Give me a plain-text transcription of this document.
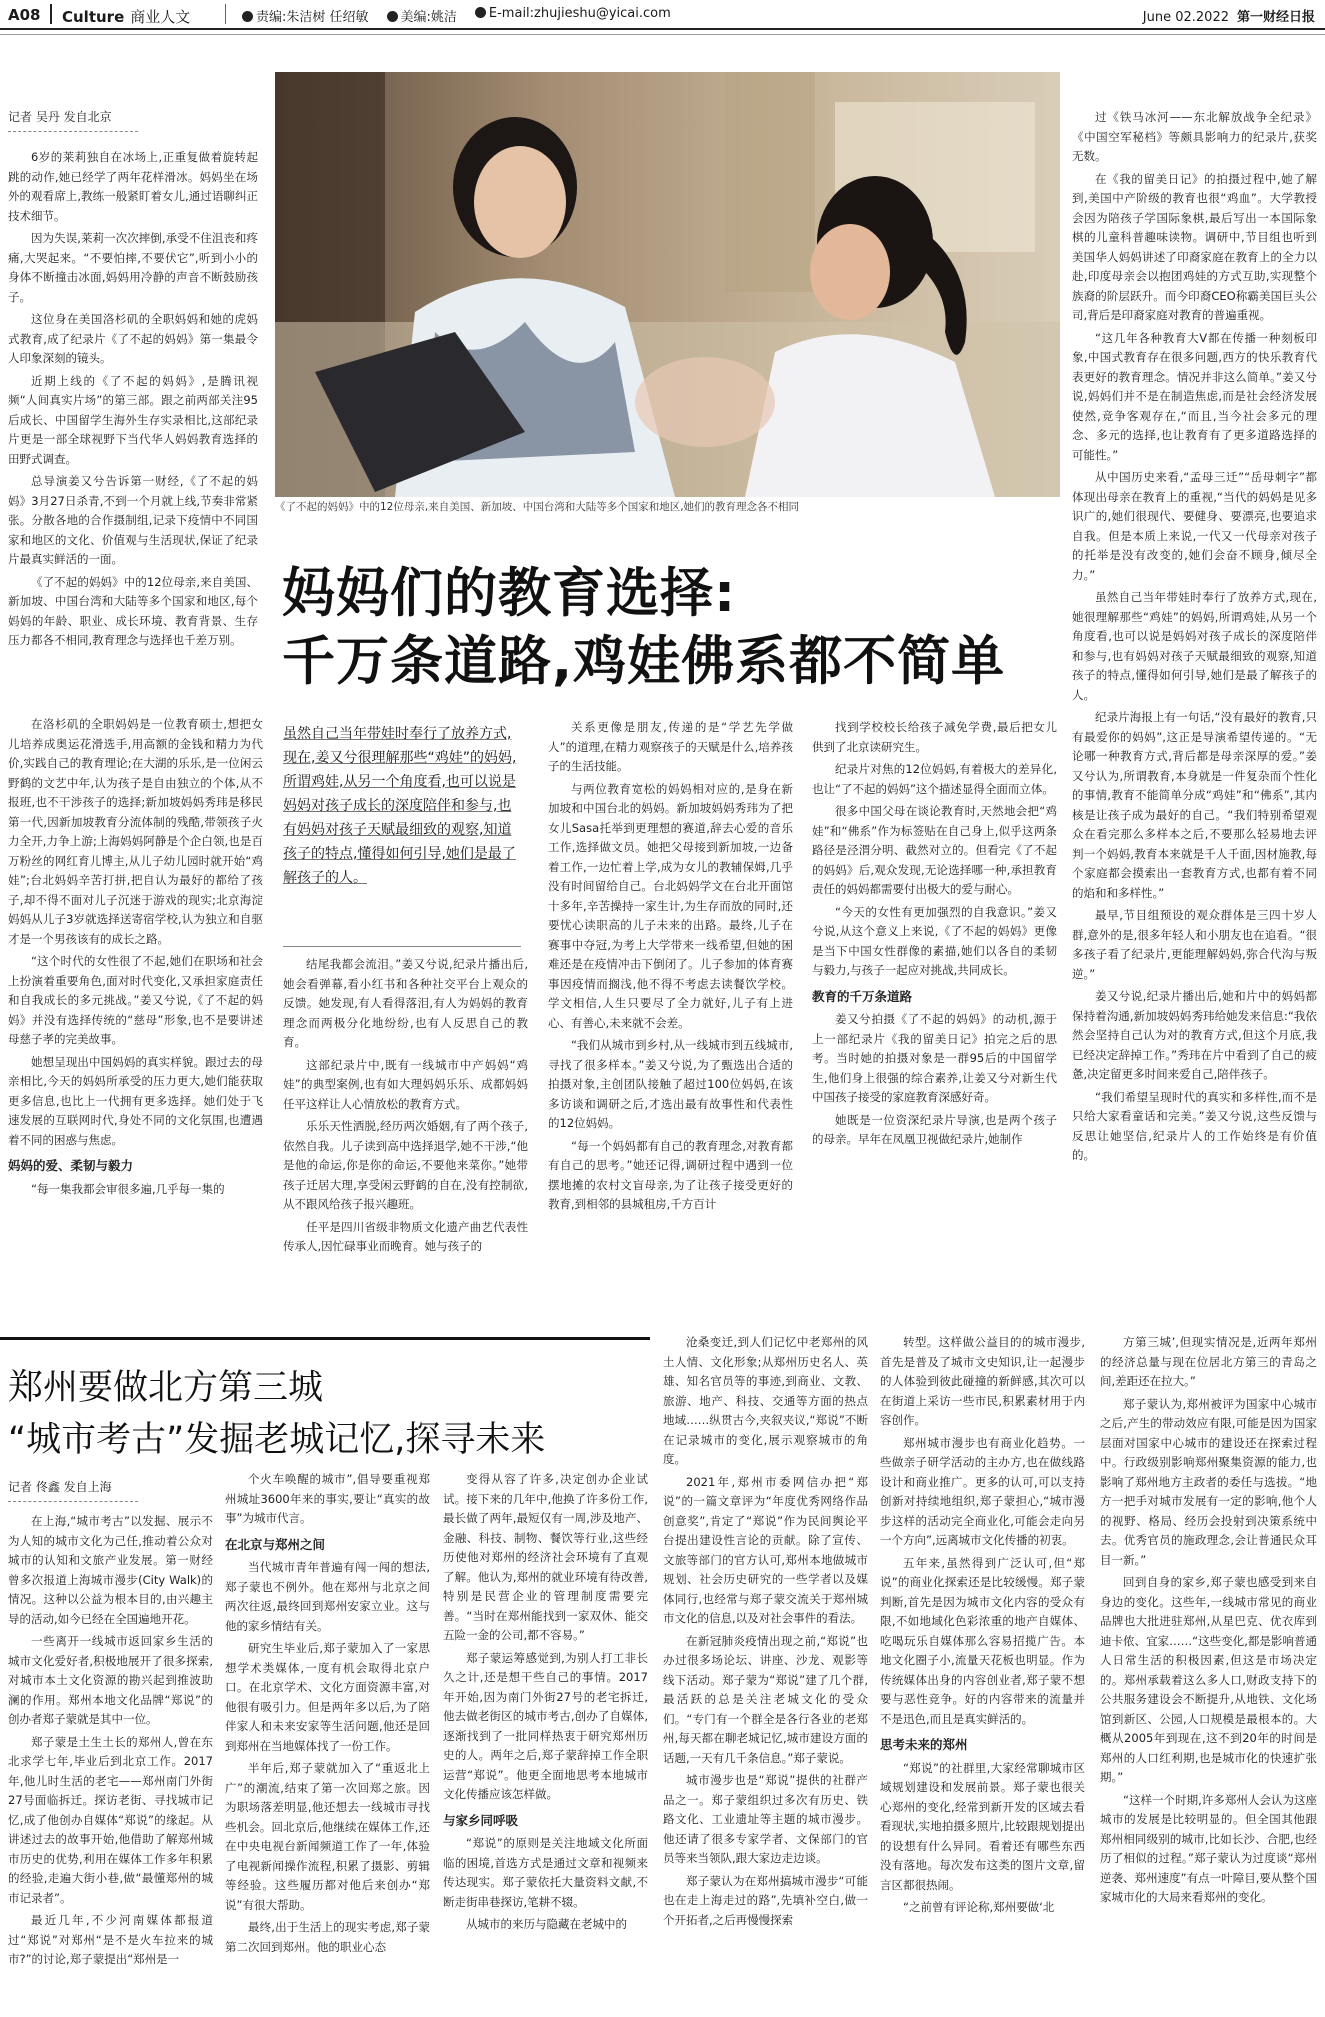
A08 Culture 商业人文	责编:朱洁树 任绍敏	美编:姚洁	E-mail:zhujieshu@yicai.com	June 02.2022 第一财经日报
记者 吴丹 发自北京

6岁的莱莉独自在冰场上,正重复做着旋转起跳的动作,她已经学了两年花样滑冰。妈妈坐在场外的观看席上,教练一般紧盯着女儿,通过语聊纠正技术细节。

因为失误,莱莉一次次摔倒,承受不住沮丧和疼痛,大哭起来。“不要怕摔,不要伏它”,听到小小的身体不断撞击冰面,妈妈用冷静的声音不断鼓励孩子。

这位身在美国洛杉矶的全职妈妈和她的虎妈式教育,成了纪录片《了不起的妈妈》第一集最令人印象深刻的镜头。

近期上线的《了不起的妈妈》,是腾讯视频“人间真实片场”的第三部。跟之前两部关注95后成长、中国留学生海外生存实录相比,这部纪录片更是一部全球视野下当代华人妈妈教育选择的田野式调查。

总导演姜又兮告诉第一财经,《了不起的妈妈》3月27日杀青,不到一个月就上线,节奏非常紧张。分散各地的合作摄制组,记录下疫情中不同国家和地区的文化、价值观与生活现状,保证了纪录片最真实鲜活的一面。

《了不起的妈妈》中的12位母亲,来自美国、新加坡、中国台湾和大陆等多个国家和地区,每个妈妈的年龄、职业、成长环境、教育背景、生存压力都各不相同,教育理念与选择也千差万别。

《了不起的妈妈》中的12位母亲,来自美国、新加坡、中国台湾和大陆等多个国家和地区,她们的教育理念各不相同
妈妈们的教育选择:
千万条道路,鸡娃佛系都不简单
虽然自己当年带娃时奉行了放养方式,现在,姜又兮很理解那些“鸡娃”的妈妈,所谓鸡娃,从另一个角度看,也可以说是妈妈对孩子成长的深度陪伴和参与,也有妈妈对孩子天赋最细致的观察,知道孩子的特点,懂得如何引导,她们是最了解孩子的人。

在洛杉矶的全职妈妈是一位教育硕士,想把女儿培养成奥运花滑选手,用高额的金钱和精力为代价,实践自己的教育理论;在大湖的乐乐,是一位闲云野鹤的文艺中年,认为孩子是自由独立的个体,从不报班,也不干涉孩子的选择;新加坡妈妈秀玮是移民第一代,因新加坡教育分流体制的残酷,带领孩子火力全开,力争上游;上海妈妈阿静是个企白领,也是百万粉丝的网红育儿博主,从儿子幼儿园时就开始“鸡娃”;台北妈妈辛苦打拼,把自认为最好的都给了孩子,却不得不面对儿子沉迷于游戏的现实;北京海淀妈妈从儿子3岁就选择送寄宿学校,认为独立和自驱才是一个男孩该有的成长之路。

“这个时代的女性很了不起,她们在职场和社会上扮演着重要角色,面对时代变化,又承担家庭责任和自我成长的多元挑战。”姜又兮说,《了不起的妈妈》并没有选择传统的“慈母”形象,也不是要讲述母慈子孝的完美故事。

她想呈现出中国妈妈的真实样貌。跟过去的母亲相比,今天的妈妈所承受的压力更大,她们能获取更多信息,也比上一代拥有更多选择。她们处于飞速发展的互联网时代,身处不同的文化氛围,也遭遇着不同的困惑与焦虑。

妈妈的爱、柔韧与毅力

“每一集我都会审很多遍,几乎每一集的

结尾我都会流泪。”姜又兮说,纪录片播出后,她会看弹幕,看小红书和各种社交平台上观众的反馈。她发现,有人看得落泪,有人为妈妈的教育理念而两极分化地纷纷,也有人反思自己的教育。

这部纪录片中,既有一线城市中产妈妈“鸡娃”的典型案例,也有如大理妈妈乐乐、成都妈妈任平这样让人心情放松的教育方式。

乐乐天性洒脱,经历两次婚姻,有了两个孩子,依然自我。儿子读到高中选择退学,她不干涉,“他是他的命运,你是你的命运,不要他来菜你。”她带孩子迁居大理,享受闲云野鹤的自在,没有控制欲,从不跟风给孩子报兴趣班。

任平是四川省级非物质文化遗产曲艺代表性传承人,因忙碌事业而晚育。她与孩子的

关系更像是朋友,传递的是“学艺先学做人”的道理,在精力观察孩子的天赋是什么,培养孩子的生活技能。

与两位教育宽松的妈妈相对应的,是身在新加坡和中国台北的妈妈。新加坡妈妈秀玮为了把女儿Sasa托举到更理想的赛道,辞去心爱的音乐工作,选择做文员。她把父母接到新加坡,一边备着工作,一边忙着上学,成为女儿的教辅保姆,几乎没有时间留给自己。台北妈妈学文在台北开面馆十多年,辛苦操持一家生计,为生存而放的同时,还要忧心读职高的儿子未来的出路。最终,儿子在赛事中夺冠,为考上大学带来一线希望,但她的困难还是在疫情冲击下倒闭了。儿子参加的体育赛事因疫情而搁浅,他不得不考虑去读餐饮学校。学文相信,人生只要尽了全力就好,儿子有上进心、有善心,未来就不会差。

“我们从城市到乡村,从一线城市到五线城市,寻找了很多样本。”姜又兮说,为了甄选出合适的拍摄对象,主创团队接触了超过100位妈妈,在该多访谈和调研之后,才选出最有故事性和代表性的12位妈妈。

“每一个妈妈都有自己的教育理念,对教育都有自己的思考。”她还记得,调研过程中遇到一位摆地摊的农村文盲母亲,为了让孩子接受更好的教育,到相邻的县城租房,千方百计

找到学校校长给孩子减免学费,最后把女儿供到了北京读研究生。

纪录片对焦的12位妈妈,有着极大的差异化,也让“了不起的妈妈”这个描述显得全面而立体。

很多中国父母在谈论教育时,天然地会把“鸡娃”和“佛系”作为标签贴在自己身上,似乎这两条路径是泾渭分明、截然对立的。但看完《了不起的妈妈》后,观众发现,无论选择哪一种,承担教育责任的妈妈都需要付出极大的爱与耐心。

“今天的女性有更加强烈的自我意识。”姜又兮说,从这个意义上来说,《了不起的妈妈》更像是当下中国女性群像的素描,她们以各自的柔韧与毅力,与孩子一起应对挑战,共同成长。

教育的千万条道路

姜又兮拍摄《了不起的妈妈》的动机,源于上一部纪录片《我的留美日记》拍完之后的思考。当时她的拍摄对象是一群95后的中国留学生,他们身上很强的综合素养,让姜又兮对新生代中国孩子接受的家庭教育深感好奇。

她既是一位资深纪录片导演,也是两个孩子的母亲。早年在凤凰卫视做纪录片,她制作

过《铁马冰河——东北解放战争全纪录》《中国空军秘档》等颇具影响力的纪录片,获奖无数。

在《我的留美日记》的拍摄过程中,她了解到,美国中产阶级的教育也很“鸡血”。大学教授会因为陪孩子学国际象棋,最后写出一本国际象棋的儿童科普趣味读物。调研中,节目组也听到美国华人妈妈讲述了印裔家庭在教育上的全力以赴,印度母亲会以抱团鸡娃的方式互助,实现整个族裔的阶层跃升。而今印裔CEO称霸美国巨头公司,背后是印裔家庭对教育的普遍重视。

“这几年各种教育大V都在传播一种刻板印象,中国式教育存在很多问题,西方的快乐教育代表更好的教育理念。情况并非这么简单。”姜又兮说,妈妈们并不是在制造焦虑,而是社会经济发展使然,竞争客观存在,“而且,当今社会多元的理念、多元的选择,也让教育有了更多道路选择的可能性。”

从中国历史来看,“孟母三迁”“岳母刺字”都体现出母亲在教育上的重视,“当代的妈妈是见多识广的,她们很现代、要健身、要漂亮,也要追求自我。但是本质上来说,一代又一代母亲对孩子的托举是没有改变的,她们会奋不顾身,倾尽全力。”

虽然自己当年带娃时奉行了放养方式,现在,她很理解那些“鸡娃”的妈妈,所谓鸡娃,从另一个角度看,也可以说是妈妈对孩子成长的深度陪伴和参与,也有妈妈对孩子天赋最细致的观察,知道孩子的特点,懂得如何引导,她们是最了解孩子的人。

纪录片海报上有一句话,“没有最好的教育,只有最爱你的妈妈”,这正是导演希望传递的。“无论哪一种教育方式,背后都是母亲深厚的爱。”姜又兮认为,所谓教育,本身就是一件复杂而个性化的事情,教育不能简单分成“鸡娃”和“佛系”,其内核是让孩子成为最好的自己。“我们特别希望观众在看完那么多样本之后,不要那么轻易地去评判一个妈妈,教育本来就是千人千面,因材施教,每个家庭都会摸索出一套教育方式,也都有着不同的焰和和多样性。”

最早,节目组预设的观众群体是三四十岁人群,意外的是,很多年轻人和小朋友也在追看。“很多孩子看了纪录片,更能理解妈妈,弥合代沟与叛逆。”

姜又兮说,纪录片播出后,她和片中的妈妈都保持着沟通,新加坡妈妈秀玮给她发来信息:“我依然会坚持自己认为对的教育方式,但这个月底,我已经决定辞掉工作。”秀玮在片中看到了自己的疲惫,决定留更多时间来爱自己,陪伴孩子。

“我们希望呈现时代的真实和多样性,而不是只给大家看童话和完美。”姜又兮说,这些反馈与反思让她坚信,纪录片人的工作始终是有价值的。

郑州要做北方第三城
“城市考古”发掘老城记忆,探寻未来
记者 佟鑫 发自上海

在上海,“城市考古”以发掘、展示不为人知的城市文化为己任,推动着公众对城市的认知和文旅产业发展。第一财经曾多次报道上海城市漫步(City Walk)的情况。这种以公益为根本目的,由兴趣主导的活动,如今已经在全国遍地开花。

一些离开一线城市返回家乡生活的城市文化爱好者,积极地展开了很多探索,对城市本土文化资源的勘兴起到推波助澜的作用。郑州本地文化品牌“郑说”的创办者郑子蒙就是其中一位。

郑子蒙是土生土长的郑州人,曾在东北求学七年,毕业后到北京工作。2017年,他儿时生活的老宅——郑州南门外街27号面临拆迁。探访老街、寻找城市记忆,成了他创办自媒体“郑说”的缘起。从讲述过去的故事开始,他借助了解郑州城市历史的优势,利用在媒体工作多年积累的经验,走遍大街小巷,做“最懂郑州的城市记录者”。

最近几年,不少河南媒体都报道过“郑说”对郑州“是不是火车拉来的城市?”的讨论,郑子蒙提出“郑州是一

个火车唤醒的城市”,倡导要重视郑州城址3600年来的事实,要让“真实的故事”为城市代言。

在北京与郑州之间

当代城市青年普遍有闯一闯的想法,郑子蒙也不例外。他在郑州与北京之间两次往返,最终回到郑州安家立业。这与他的家乡情结有关。

研究生毕业后,郑子蒙加入了一家思想学术类媒体,一度有机会取得北京户口。在北京学术、文化方面资源丰富,对他很有吸引力。但是两年多以后,为了陪伴家人和未来安家等生活问题,他还是回到郑州在当地媒体找了一份工作。

半年后,郑子蒙就加入了“重返北上广”的潮流,结束了第一次回郑之旅。因为职场落差明显,他还想去一线城市寻找些机会。回北京后,他继续在媒体工作,还在中央电视台新闻频道工作了一年,体验了电视新闻操作流程,积累了摄影、剪辑等经验。这些履历都对他后来创办“郑说”有很大帮助。

最终,出于生活上的现实考虑,郑子蒙第二次回到郑州。他的职业心态

变得从容了许多,决定创办企业试试。接下来的几年中,他换了许多份工作,最长做了两年,最短仅有一周,涉及地产、金融、科技、制物、餐饮等行业,这些经历使他对郑州的经济社会环境有了直观了解。他认为,郑州的就业环境有待改善,特别是民营企业的管理制度需要完善。“当时在郑州能找到一家双休、能交五险一金的公司,都不容易。”

郑子蒙运筹感觉到,为别人打工非长久之计,还是想干些自己的事情。2017年开始,因为南门外街27号的老宅拆迁,他去做老街区的城市考古,创办了自媒体,逐渐找到了一批同样热衷于研究郑州历史的人。两年之后,郑子蒙辞掉工作全职运营“郑说”。他更全面地思考本地城市文化传播应该怎样做。

与家乡同呼吸

“郑说”的原则是关注地域文化所面临的困境,首选方式是通过文章和视频来传达现实。郑子蒙依托大量资料文献,不断走街串巷探访,笔耕不辍。

从城市的来历与隐藏在老城中的

沧桑变迁,到人们记忆中老郑州的风土人情、文化形象;从郑州历史名人、英雄、知名官员等的事迹,到商业、文教、旅游、地产、科技、交通等方面的热点地域……纵贯古今,夹叙夹议,“郑说”不断在记录城市的变化,展示观察城市的角度。

2021年,郑州市委网信办把“郑说”的一篇文章评为“年度优秀网络作品创意奖”,肯定了“郑说”作为民间舆论平台提出建设性言论的贡献。除了宣传、文旅等部门的官方认可,郑州本地做城市规划、社会历史研究的一些学者以及媒体同行,也经常与郑子蒙交流关于郑州城市文化的信息,以及对社会事件的看法。

在新冠肺炎疫情出现之前,“郑说”也办过很多场论坛、讲座、沙龙、观影等线下活动。郑子蒙为“郑说”建了几个群,最活跃的总是关注老城文化的受众们。“专门有一个群全是各行各业的老郑州,每天都在聊老城记忆,城市建设方面的话题,一天有几千条信息。”郑子蒙说。

城市漫步也是“郑说”提供的社群产品之一。郑子蒙组织过多次有历史、铁路文化、工业遗址等主题的城市漫步。他还请了很多专家学者、文保部门的官员等来当领队,跟大家边走边谈。

郑子蒙认为在郑州搞城市漫步“可能也在走上海走过的路”,先填补空白,做一个开拓者,之后再慢慢探索

转型。这样做公益目的的城市漫步,首先是普及了城市文史知识,让一起漫步的人体验到彼此碰撞的新鲜感,其次可以在街道上采访一些市民,积累素材用于内容创作。

郑州城市漫步也有商业化趋势。一些做亲子研学活动的主办方,也在做线路设计和商业推广。更多的认可,可以支持创新对持续地组织,郑子蒙担心,“城市漫步这样的活动完全商业化,可能会走向另一个方向”,远离城市文化传播的初衷。

五年来,虽然得到广泛认可,但“郑说”的商业化探索还是比较缓慢。郑子蒙判断,首先是因为城市文化内容的受众有限,不如地域化色彩浓重的地产自媒体、吃喝玩乐自媒体那么容易招揽广告。本地文化圈子小,流量天花板也明显。作为传统媒体出身的内容创业者,郑子蒙不想要与恶性竞争。好的内容带来的流量并不是迅色,而且是真实鲜活的。

思考未来的郑州

“郑说”的社群里,大家经常聊城市区域规划建设和发展前景。郑子蒙也很关心郑州的变化,经常到新开发的区域去看看现状,实地拍摄多照片,比较跟规划提出的设想有什么异同。看着还有哪些东西没有落地。每次发布这类的图片文章,留言区都很热闹。

“之前曾有评论称,郑州要做‘北

方第三城’,但现实情况是,近两年郑州的经济总量与现在位居北方第三的青岛之间,差距还在拉大。”

郑子蒙认为,郑州被评为国家中心城市之后,产生的带动效应有限,可能是因为国家层面对国家中心城市的建设还在探索过程中。行政级别影响郑州聚集资源的能力,也影响了郑州地方主政者的委任与选拔。“地方一把手对城市发展有一定的影响,他个人的视野、格局、经历会投射到决策系统中去。优秀官员的施政理念,会让普通民众耳目一新。”

回到自身的家乡,郑子蒙也感受到来自身边的变化。这些年,一线城市常见的商业品牌也大批进驻郑州,从星巴克、优衣库到迪卡侬、宜家……“这些变化,都是影响普通人日常生活的积极因素,但这是市场决定的。郑州承载着这么多人口,财政支持下的公共服务建设会不断提升,从地铁、文化场馆到新区、公园,人口规模是最根本的。大概从2005年到现在,这不到20年的时间是郑州的人口红利期,也是城市化的快速扩张期。”

“这样一个时期,许多郑州人会认为这座城市的发展是比较明显的。但全国其他跟郑州相同级别的城市,比如长沙、合肥,也经历了相似的过程。”郑子蒙认为过度谈“郑州逆袭、郑州速度”有点一叶障目,要从整个国家城市化的大局来看郑州的变化。
